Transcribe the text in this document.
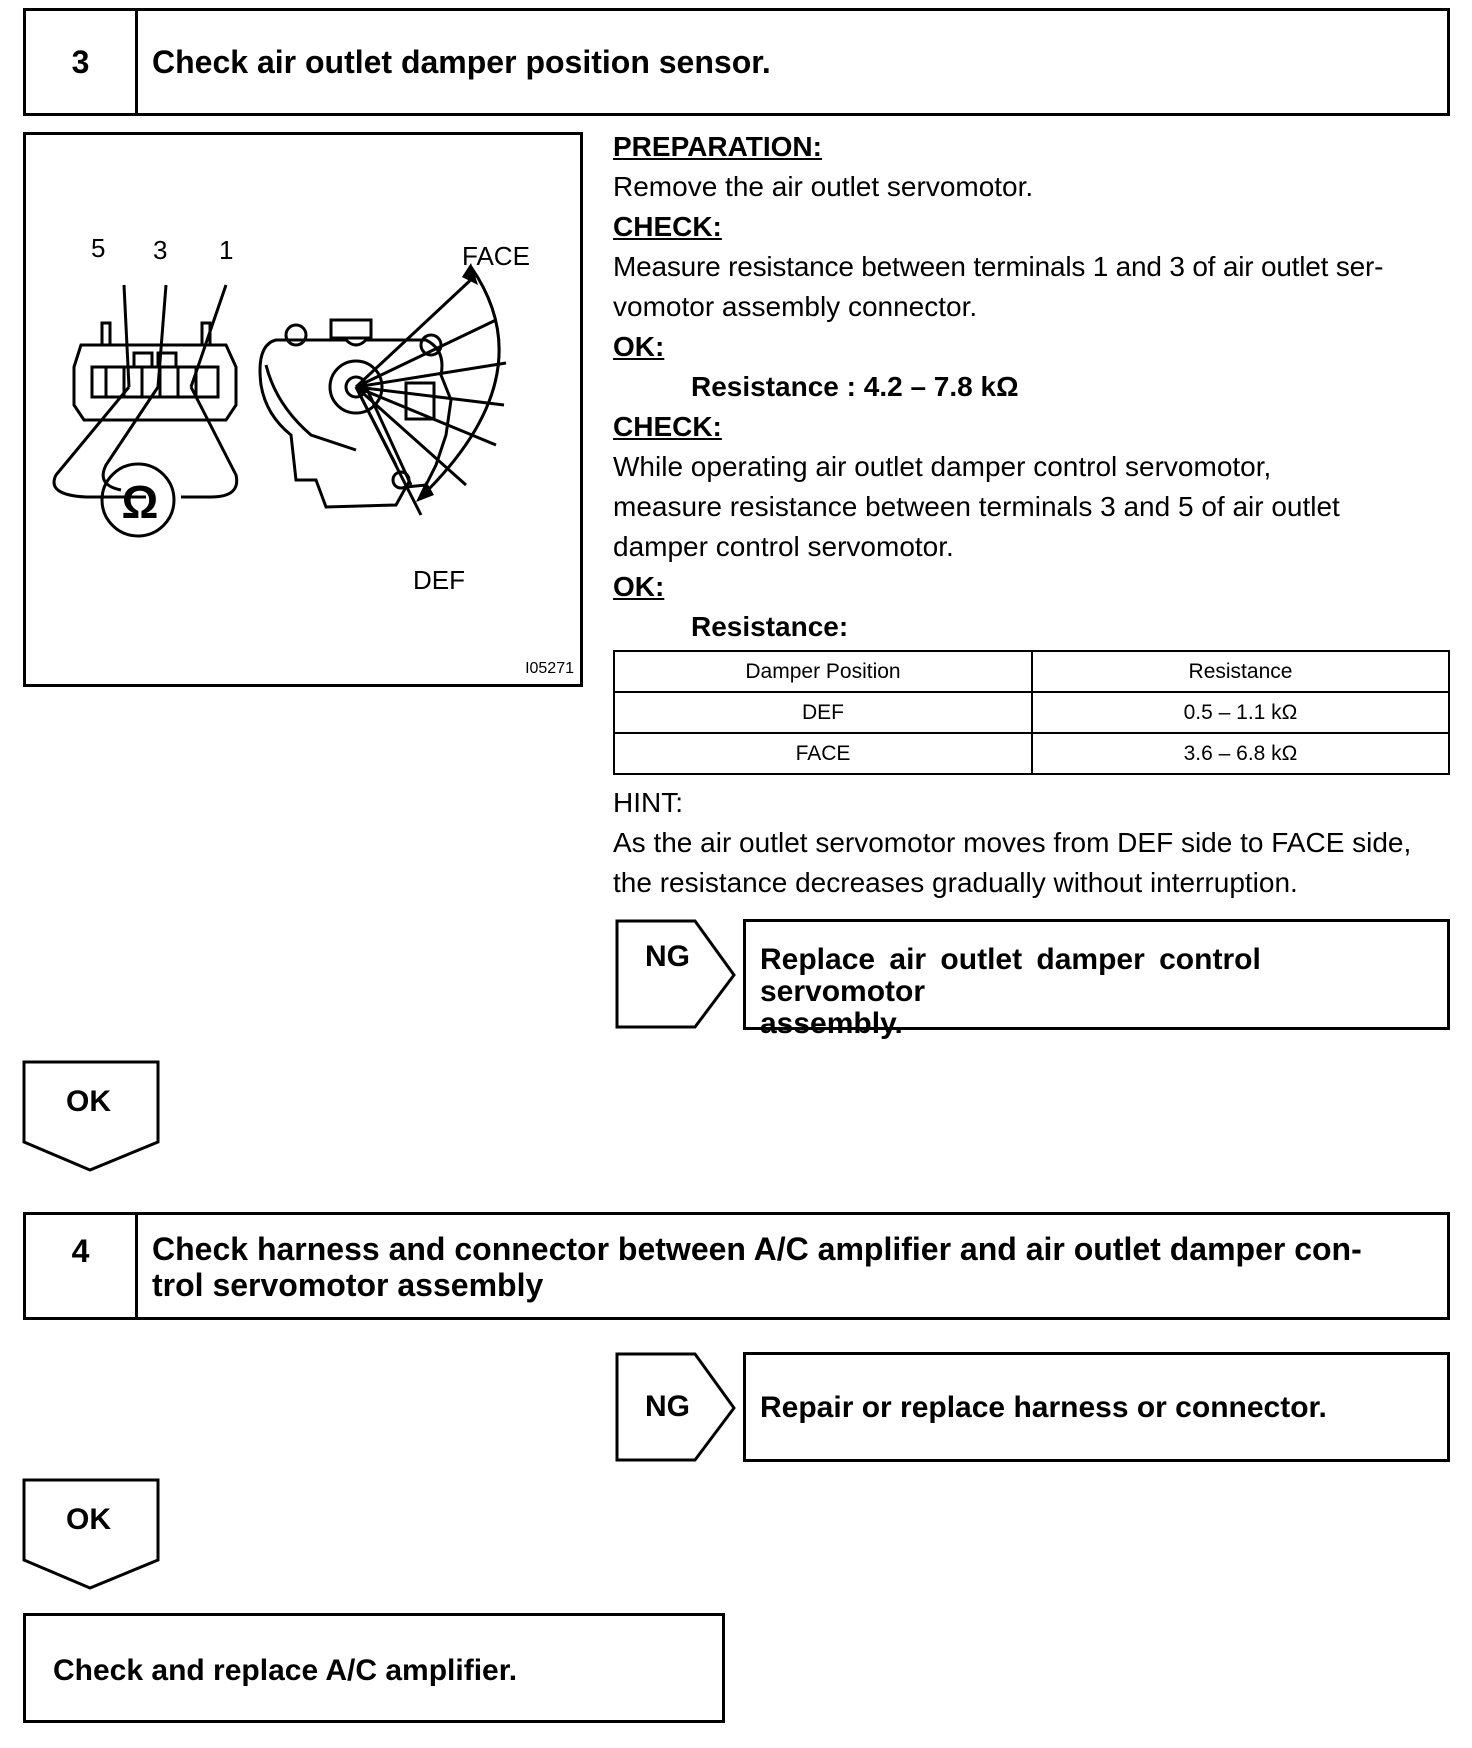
3	Check air outlet damper position sensor.
5 3 1
Ω
FACE
DEF
I05271
PREPARATION:
Remove the air outlet servomotor.
CHECK:
Measure resistance between terminals 1 and 3 of air outlet ser-
vomotor assembly connector.
OK:
Resistance : 4.2 – 7.8 kΩ
CHECK:
While operating air outlet damper control servomotor,
measure resistance between terminals 3 and 5 of air outlet
damper control servomotor.
OK:
Resistance:
Damper Position	Resistance
DEF	0.5 – 1.1 kΩ
FACE	3.6 – 6.8 kΩ
HINT:
As the air outlet servomotor moves from DEF side to FACE side,
the resistance decreases gradually without interruption.
NG Replace air outlet damper control servomotor
assembly.
OK
4 Check harness and connector between A/C amplifier and air outlet damper con-
trol servomotor assembly
NG Repair or replace harness or connector.
OK
Check and replace A/C amplifier.
